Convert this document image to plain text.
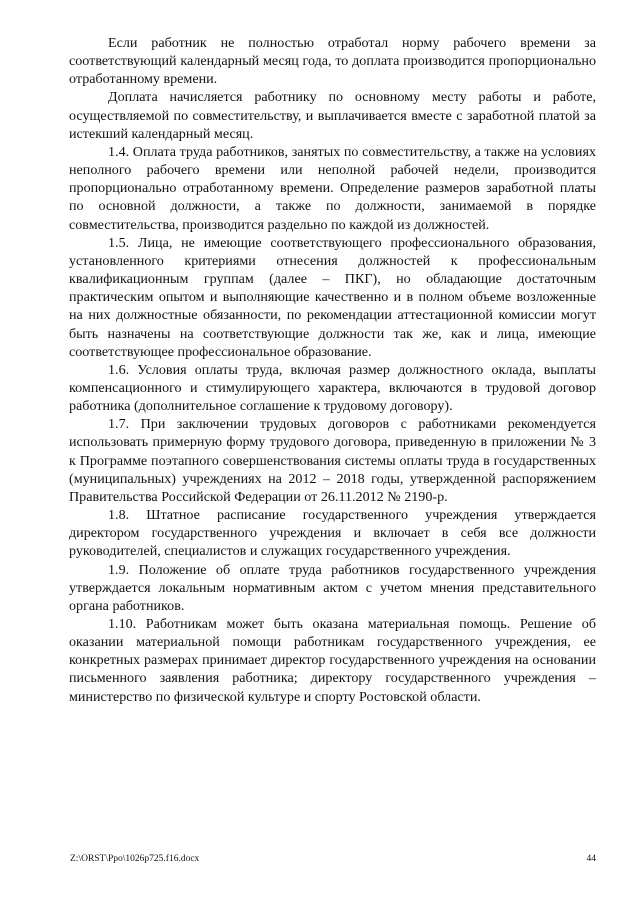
Если работник не полностью отработал норму рабочего времени за соответствующий календарный месяц года, то доплата производится пропорционально отработанному времени.

Доплата начисляется работнику по основному месту работы и работе, осуществляемой по совместительству, и выплачивается вместе с заработной платой за истекший календарный месяц.

1.4. Оплата труда работников, занятых по совместительству, а также на условиях неполного рабочего времени или неполной рабочей недели, производится пропорционально отработанному времени. Определение размеров заработной платы по основной должности, а также по должности, занимаемой в порядке совместительства, производится раздельно по каждой из должностей.

1.5. Лица, не имеющие соответствующего профессионального образования, установленного критериями отнесения должностей к профессиональным квалификационным группам (далее – ПКГ), но обладающие достаточным практическим опытом и выполняющие качественно и в полном объеме возложенные на них должностные обязанности, по рекомендации аттестационной комиссии могут быть назначены на соответствующие должности так же, как и лица, имеющие соответствующее профессиональное образование.

1.6. Условия оплаты труда, включая размер должностного оклада, выплаты компенсационного и стимулирующего характера, включаются в трудовой договор работника (дополнительное соглашение к трудовому договору).

1.7. При заключении трудовых договоров с работниками рекомендуется использовать примерную форму трудового договора, приведенную в приложении № 3 к Программе поэтапного совершенствования системы оплаты труда в государственных (муниципальных) учреждениях на 2012 – 2018 годы, утвержденной распоряжением Правительства Российской Федерации от 26.11.2012 № 2190-р.

1.8. Штатное расписание государственного учреждения утверждается директором государственного учреждения и включает в себя все должности руководителей, специалистов и служащих государственного учреждения.

1.9. Положение об оплате труда работников государственного учреждения утверждается локальным нормативным актом с учетом мнения представительного органа работников.

1.10. Работникам может быть оказана материальная помощь. Решение об оказании материальной помощи работникам государственного учреждения, ее конкретных размерах принимает директор государственного учреждения на основании письменного заявления работника; директору государственного учреждения – министерство по физической культуре и спорту Ростовской области.

Z:\ORST\Ppo\1026p725.f16.docx	44
